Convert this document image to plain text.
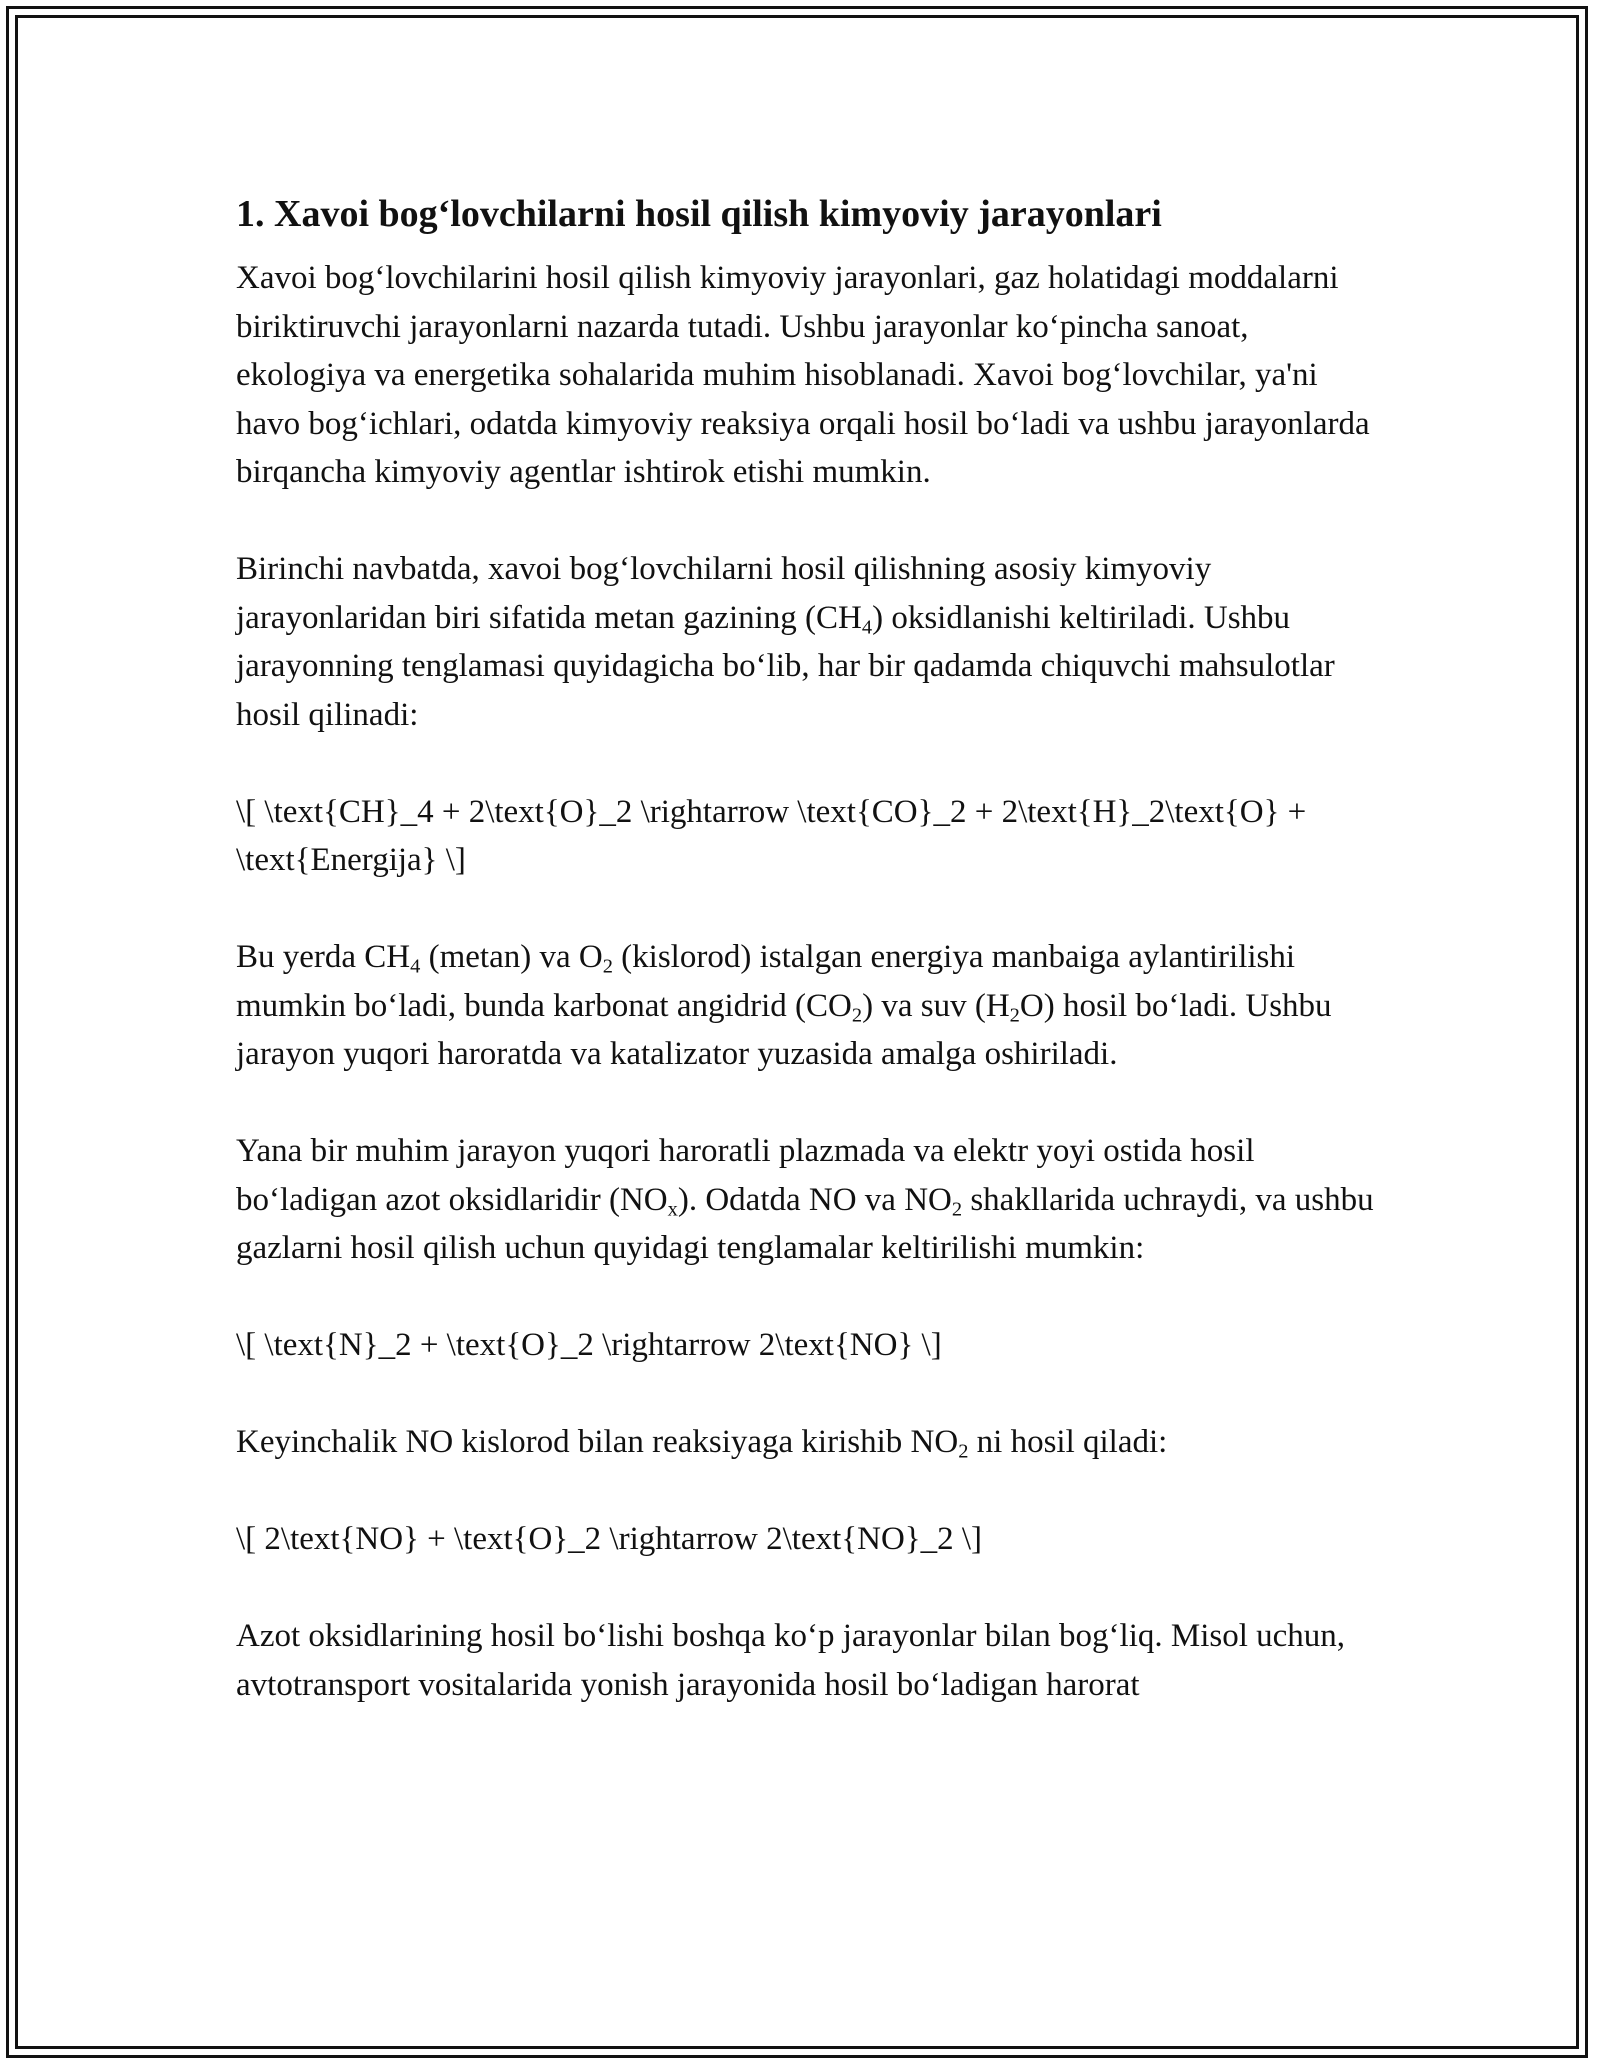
1. Xavoi bog‘lovchilarni hosil qilish kimyoviy jarayonlari

Xavoi bog‘lovchilarini hosil qilish kimyoviy jarayonlari, gaz holatidagi moddalarni biriktiruvchi jarayonlarni nazarda tutadi. Ushbu jarayonlar ko‘pincha sanoat, ekologiya va energetika sohalarida muhim hisoblanadi. Xavoi bog‘lovchilar, ya'ni havo bog‘ichlari, odatda kimyoviy reaksiya orqali hosil bo‘ladi va ushbu jarayonlarda birqancha kimyoviy agentlar ishtirok etishi mumkin.

Birinchi navbatda, xavoi bog‘lovchilarni hosil qilishning asosiy kimyoviy jarayonlaridan biri sifatida metan gazining $(CH_4)$ oksidlanishi keltiriladi. Ushbu jarayonning tenglamasi quyidagicha bo‘lib, har bir qadamda chiquvchi mahsulotlar hosil qilinadi:

\[ \text{CH}_4 + 2\text{O}_2 \rightarrow \text{CO}_2 + 2\text{H}_2\text{O} + \text{Energija} \]

Bu yerda $CH_4$ (metan) va $O_2$ (kislorod) istalgan energiya manbaiga aylantirilishi mumkin bo‘ladi, bunda karbonat angidrid $(CO_2)$ va suv $(H_2O)$ hosil bo‘ladi. Ushbu jarayon yuqori haroratda va katalizator yuzasida amalga oshiriladi.

Yana bir muhim jarayon yuqori haroratli plazmada va elektr yoyi ostida hosil bo‘ladigan azot oksidlaridir $(NO_x)$. Odatda NO va $NO_2$ shakllarida uchraydi, va ushbu gazlarni hosil qilish uchun quyidagi tenglamalar keltirilishi mumkin:

\[ \text{N}_2 + \text{O}_2 \rightarrow 2\text{NO} \]

Keyinchalik NO kislorod bilan reaksiyaga kirishib $NO_2$ ni hosil qiladi:

\[ 2\text{NO} + \text{O}_2 \rightarrow 2\text{NO}_2 \]

Azot oksidlarining hosil bo‘lishi boshqa ko‘p jarayonlar bilan bog‘liq. Misol uchun, avtotransport vositalarida yonish jarayonida hosil bo‘ladigan harorat
